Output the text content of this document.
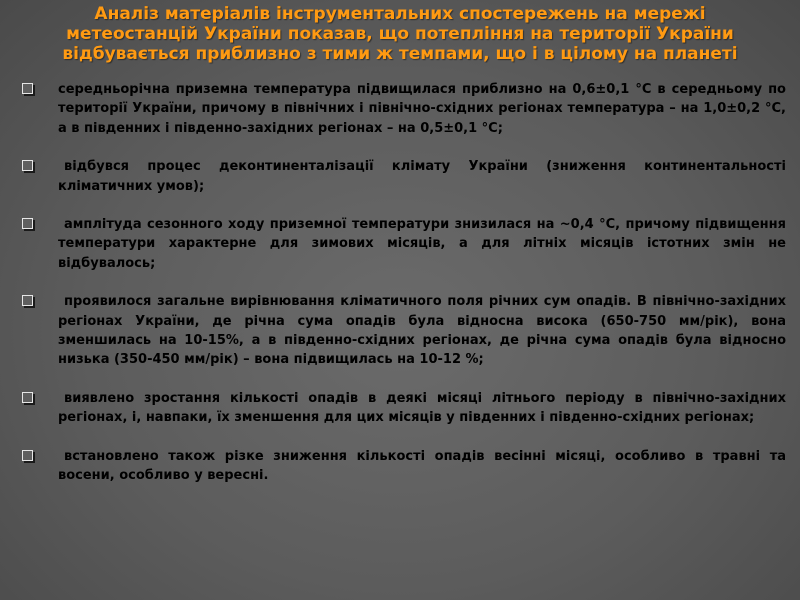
Аналіз матеріалів інструментальних спостережень на мережі
метеостанцій України показав, що потепління на території України
відбувається приблизно з тими ж темпами, що і в цілому на планеті
середньорічна приземна температура підвищилася приблизно на 0,6±0,1 °С в середньому по території України, причому в північних і північно-східних регіонах температура – на 1,0±0,2 °С, а в південних і південно-західних регіонах – на 0,5±0,1 °С;
відбувся процес деконтиненталізації клімату України (зниження континентальності кліматичних умов);
амплітуда сезонного ходу приземної температури знизилася на ~0,4 °С, причому підвищення температури характерне для зимових місяців, а для літніх місяців істотних змін не відбувалось;
проявилося загальне вирівнювання кліматичного поля річних сум опадів. В північно-західних регіонах України, де річна сума опадів була відносна висока (650-750 мм/рік), вона зменшилась на 10-15%, а в південно-східних регіонах, де річна сума опадів була відносно низька (350-450 мм/рік) – вона підвищилась на 10-12 %;
виявлено зростання кількості опадів в деякі місяці літнього періоду в північно-західних регіонах, і, навпаки, їх зменшення для цих місяців у південних і південно-східних регіонах;
встановлено також різке зниження кількості опадів весінні місяці, особливо в травні та восени, особливо у вересні.
